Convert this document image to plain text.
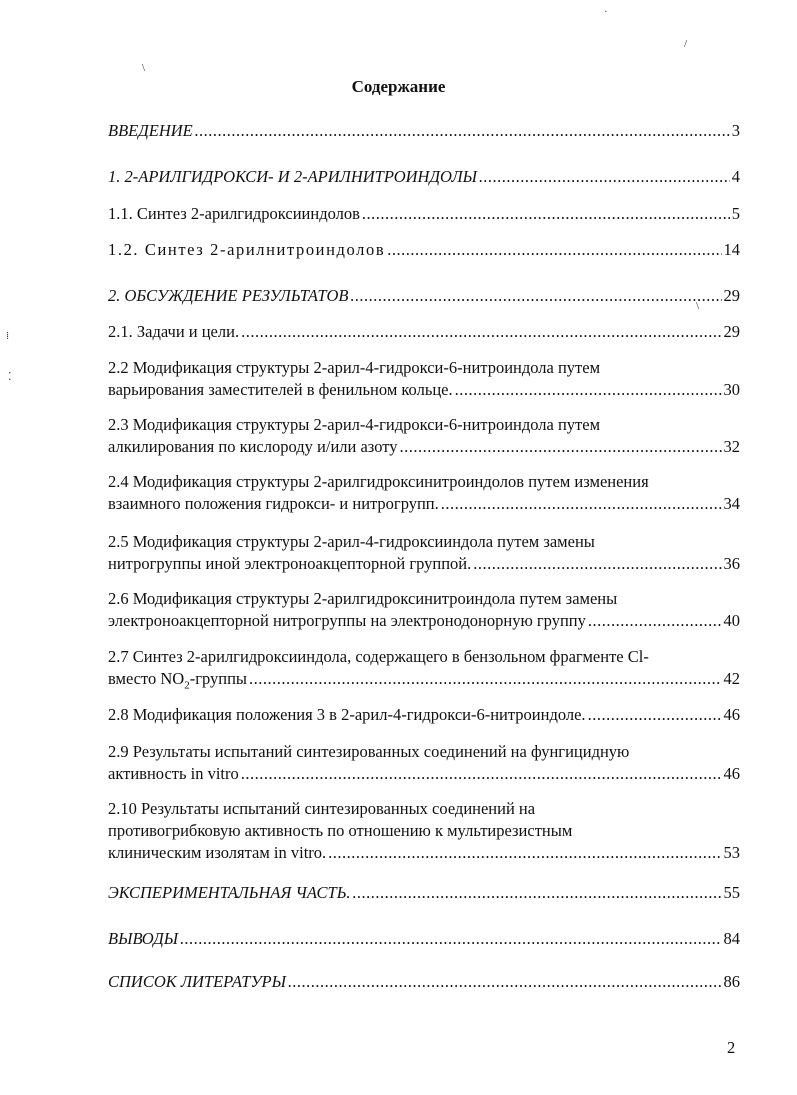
Содержание
ВВЕДЕНИЕ .....	3
1. 2-АРИЛГИДРОКСИ- И 2-АРИЛНИТРОИНДОЛЫ .....	4
1.1. Синтез 2-арилгидроксииндолов .....	5
1.2. Синтез 2-арилнитроиндолов .....	14
2. ОБСУЖДЕНИЕ РЕЗУЛЬТАТОВ .....	29
2.1. Задачи и цели. .....	29
2.2 Модификация структуры 2-арил-4-гидрокси-6-нитроиндола путем
варьирования заместителей в фенильном кольце. .....	30
2.3 Модификация структуры 2-арил-4-гидрокси-6-нитроиндола путем
алкилирования по кислороду и/или азоту .....	32
2.4 Модификация структуры 2-арилгидроксинитроиндолов путем изменения
взаимного положения гидрокси- и нитрогрупп. .....	34
2.5 Модификация структуры 2-арил-4-гидроксииндола путем замены
нитрогруппы иной электроноакцепторной группой. .....	36
2.6 Модификация структуры 2-арилгидроксинитроиндола путем замены
электроноакцепторной нитрогруппы на электронодонорную группу .....	40
2.7 Синтез 2-арилгидроксииндола, содержащего в бензольном фрагменте Cl-
вместо $NO_2$-группы .....	42
2.8 Модификация положения 3 в 2-арил-4-гидрокси-6-нитроиндоле. .....	46
2.9 Результаты испытаний синтезированных соединений на фунгицидную
активность in vitro .....	46
2.10 Результаты испытаний синтезированных соединений на
противогрибковую активность по отношению к мультирезистным
клиническим изолятам in vitro. .....	53
ЭКСПЕРИМЕНТАЛЬНАЯ ЧАСТЬ. .....	55
ВЫВОДЫ .....	84
СПИСОК ЛИТЕРАТУРЫ .....	86
2
\
/
·
\
⁞
⁚
